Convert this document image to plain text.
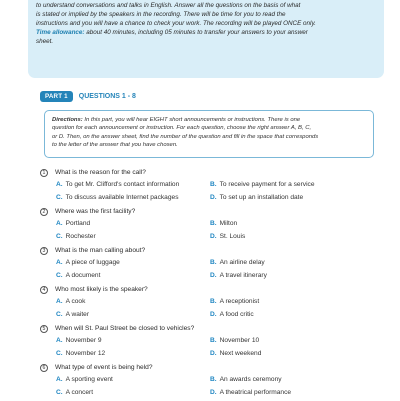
to understand conversations and talks in English. Answer all the questions on the basis of what
is stated or implied by the speakers in the recording. There will be time for you to read the
instructions and you will have a chance to check your work. The recording will be played ONCE only.
Time allowance: about 40 minutes, including 05 minutes to transfer your answers to your answer
sheet.
PART 1	QUESTIONS 1 - 8
Directions: In this part, you will hear EIGHT short announcements or instructions. There is one
question for each announcement or instruction. For each question, choose the right answer A, B, C,
or D. Then, on the answer sheet, find the number of the question and fill in the space that corresponds
to the letter of the answer that you have chosen.
1	What is the reason for the call?
A. To get Mr. Clifford's contact information	B. To receive payment for a service
C. To discuss available Internet packages	D. To set up an installation date
2	Where was the first facility?
A. Portland	B. Milton
C. Rochester	D. St. Louis
3	What is the man calling about?
A. A piece of luggage	B. An airline delay
C. A document	D. A travel itinerary
4	Who most likely is the speaker?
A. A cook	B. A receptionist
C. A waiter	D. A food critic
5	When will St. Paul Street be closed to vehicles?
A. November 9	B. November 10
C. November 12	D. Next weekend
6	What type of event is being held?
A. A sporting event	B. An awards ceremony
C. A concert	D. A theatrical performance
